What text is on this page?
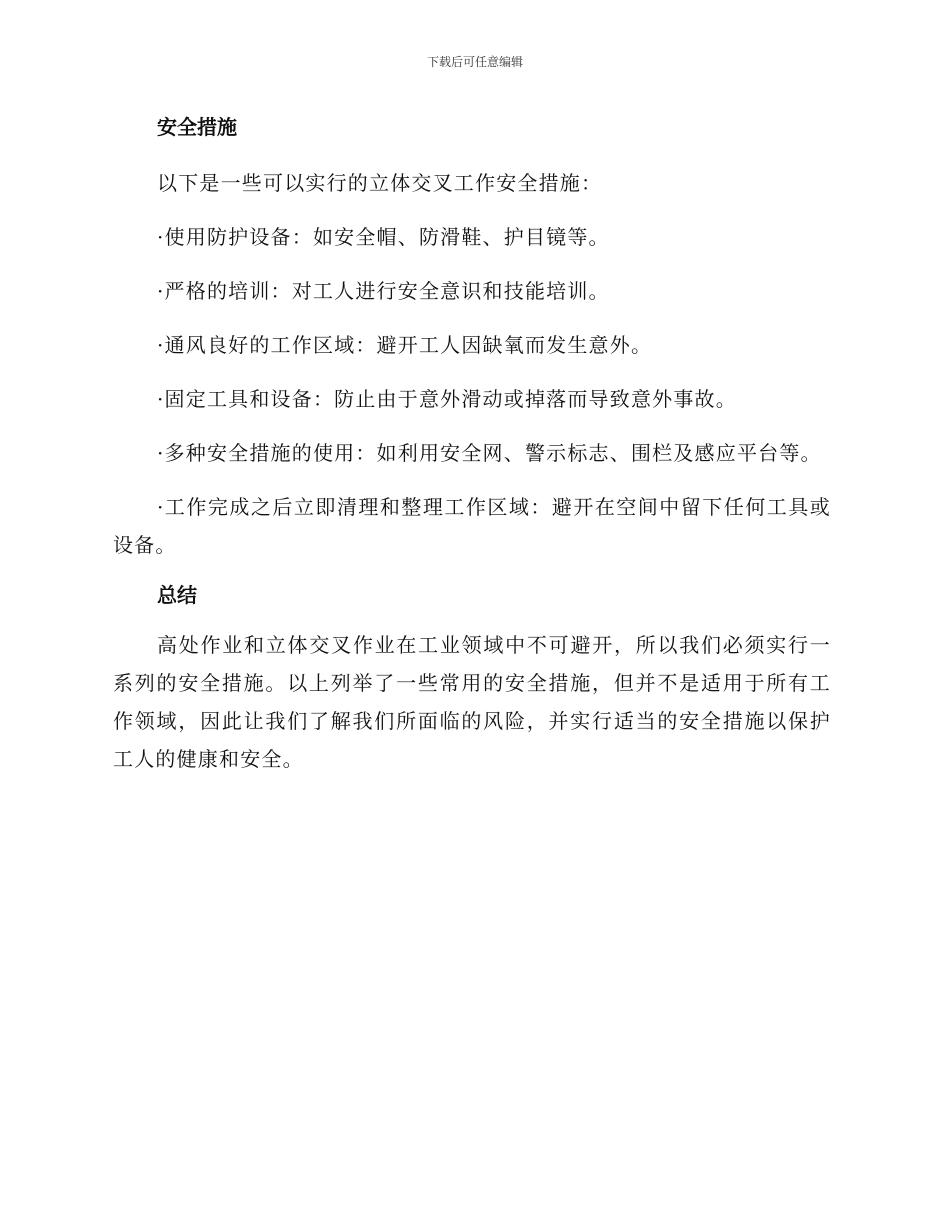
下载后可任意编辑
安全措施

以下是一些可以实行的立体交叉工作安全措施：

·使用防护设备：如安全帽、防滑鞋、护目镜等。

·严格的培训：对工人进行安全意识和技能培训。

·通风良好的工作区域：避开工人因缺氧而发生意外。

·固定工具和设备：防止由于意外滑动或掉落而导致意外事故。

·多种安全措施的使用：如利用安全网、警示标志、围栏及感应平台等。

·工作完成之后立即清理和整理工作区域：避开在空间中留下任何工具或设备。

总结

高处作业和立体交叉作业在工业领域中不可避开，所以我们必须实行一系列的安全措施。以上列举了一些常用的安全措施，但并不是适用于所有工作领域，因此让我们了解我们所面临的风险，并实行适当的安全措施以保护工人的健康和安全。
